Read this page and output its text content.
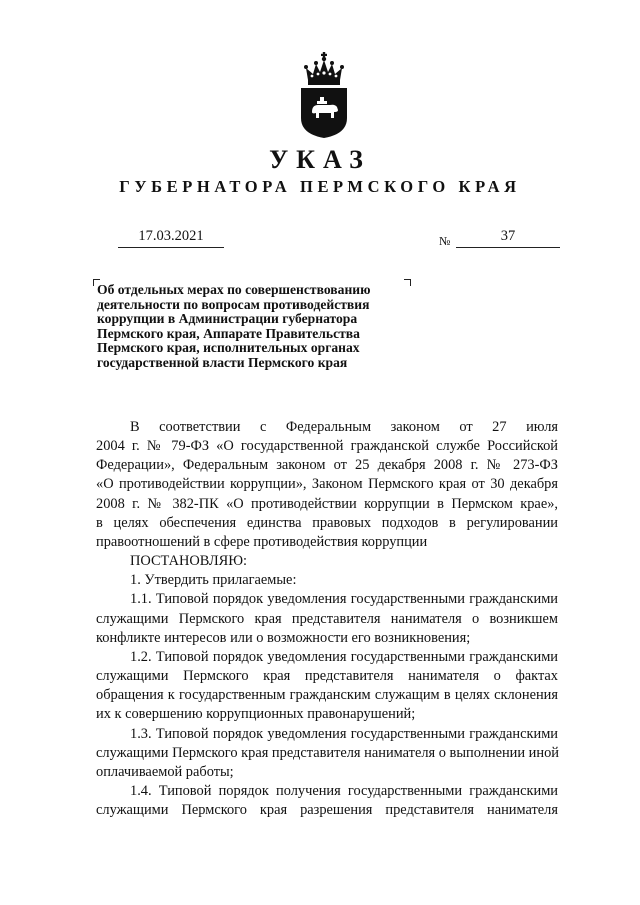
УКАЗ
ГУБЕРНАТОРА ПЕРМСКОГО КРАЯ
17.03.2021	№	37
Об отдельных мерах по совершенствованию
деятельности по вопросам противодействия
коррупции в Администрации губернатора
Пермского края, Аппарате Правительства
Пермского края, исполнительных органах
государственной власти Пермского края
В соответствии с Федеральным законом от 27 июля
2004 г. № 79-ФЗ «О государственной гражданской службе Российской
Федерации», Федеральным законом от 25 декабря 2008 г. № 273-ФЗ
«О противодействии коррупции», Законом Пермского края от 30 декабря
2008 г. № 382-ПК «О противодействии коррупции в Пермском крае»,
в целях обеспечения единства правовых подходов в регулировании
правоотношений в сфере противодействия коррупции
ПОСТАНОВЛЯЮ:
1. Утвердить прилагаемые:
1.1. Типовой порядок уведомления государственными гражданскими
служащими Пермского края представителя нанимателя о возникшем
конфликте интересов или о возможности его возникновения;
1.2. Типовой порядок уведомления государственными гражданскими
служащими Пермского края представителя нанимателя о фактах
обращения к государственным гражданским служащим в целях склонения
их к совершению коррупционных правонарушений;
1.3. Типовой порядок уведомления государственными гражданскими
служащими Пермского края представителя нанимателя о выполнении иной
оплачиваемой работы;
1.4. Типовой порядок получения государственными гражданскими
служащими Пермского края разрешения представителя нанимателя
